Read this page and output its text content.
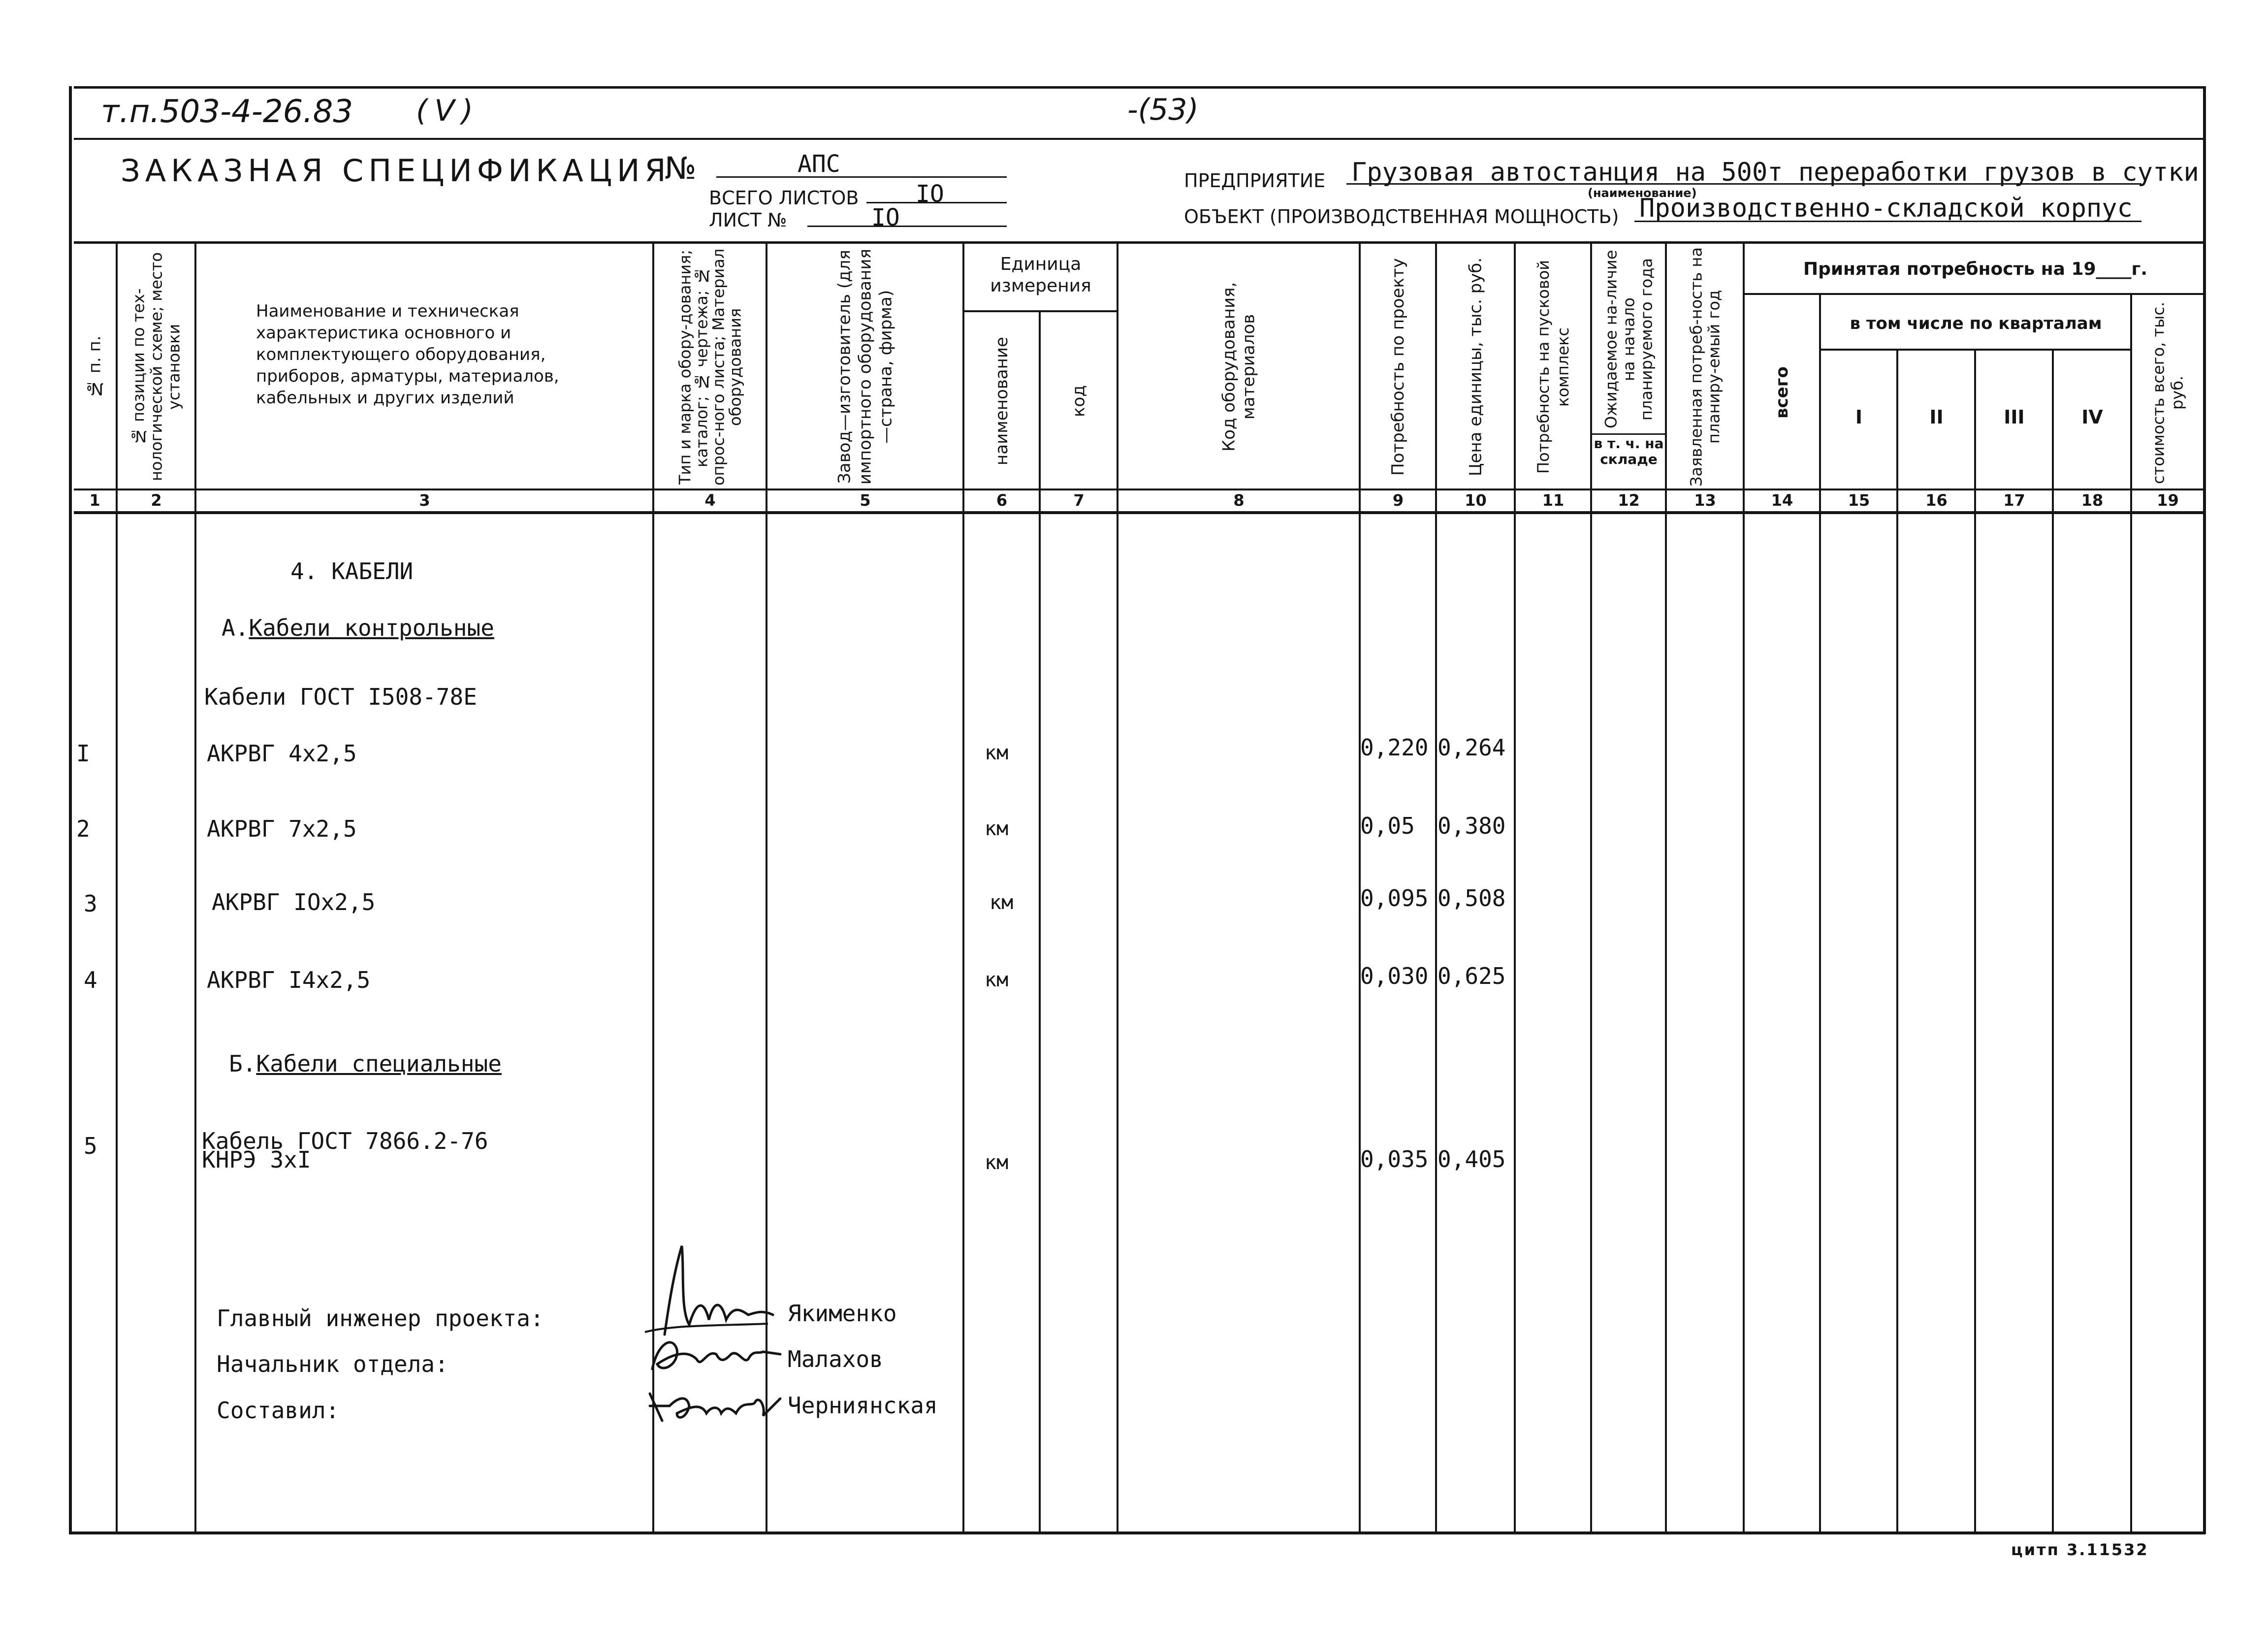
т.п.503-4-26.83 (V)	-(53)
ЗАКАЗНАЯ СПЕЦИФИКАЦИЯ
№	АПС
ВСЕГО ЛИСТОВ IO
ЛИСТ №	IO
ПРЕДПРИЯТИЕ Грузовая автостанция на 500т переработки грузов в сутки
(наименование)
ОБЪЕКТ (ПРОИЗВОДСТВЕННАЯ МОЩНОСТЬ) Производственно-складской корпус
№ п. п.	№ позиции по тех-нологической схеме; место установки
Наименование и техническая характеристика основного и комплектующего оборудования, приборов, арматуры, материалов, кабельных и других изделий	Тип и марка обору-дования; каталог; № чертежа; № опрос-ного листа; Материал оборудования	Завод—изготовитель (для импортного оборудования —страна, фирма)
Единица измерения
наименование	код	Код оборудования, материалов	Потребность по проекту	Цена единицы, тыс. руб.	Потребность на пусковой комплекс	Ожидаемое на-личие на начало планируемого года
в т. ч. на складе	Заявленная потреб-ность на планиру-емый год
Принятая потребность на 19____г.
всего
в том числе по кварталам
I	II	III	IV	стоимость всего, тыс. руб.
1	2	3	4	5	6	7	8	9	10	11	12	13	14	15	16	17	18	19
4. КАБЕЛИ
А.Кабели контрольные
Кабели ГОСТ I508-78Е
I	АКРВГ 4х2,5	км	0,220 0,264
2	АКРВГ 7х2,5	км	0,05 0,380
3	АКРВГ IOх2,5	км	0,095 0,508
4	АКРВГ I4х2,5	км	0,030 0,625
Б.Кабели специальные
5	Кабель ГОСТ 7866.2-76
КНРЭ 3хI	км	0,035 0,405
Главный инженер проекта:	Якименко
Начальник отдела:	Малахов
Составил:	Черниянская
цитп 3.11532
